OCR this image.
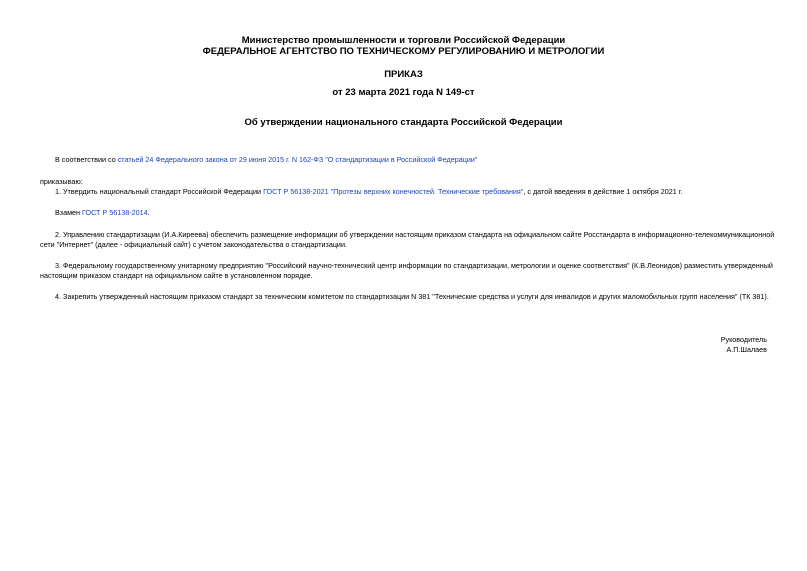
Министерство промышленности и торговли Российской Федерации
ФЕДЕРАЛЬНОЕ АГЕНТСТВО ПО ТЕХНИЧЕСКОМУ РЕГУЛИРОВАНИЮ И МЕТРОЛОГИИ
ПРИКАЗ
от 23 марта 2021 года N 149-ст
Об утверждении национального стандарта Российской Федерации
В соответствии со статьей 24 Федерального закона от 29 июня 2015 г. N 162-ФЗ "О стандартизации в Российской Федерации"
приказываю:
1. Утвердить национальный стандарт Российской Федерации ГОСТ Р 56138-2021 "Протезы верхних конечностей. Технические требования", с датой введения в действие 1 октября 2021 г.
Взамен ГОСТ Р 56138-2014.
2. Управлению стандартизации (И.А.Киреева) обеспечить размещение информации об утверждении настоящим приказом стандарта на официальном сайте Росстандарта в информационно-телекоммуникационной
сети "Интернет" (далее - официальный сайт) с учетом законодательства о стандартизации.
3. Федеральному государственному унитарному предприятию "Российский научно-технический центр информации по стандартизации, метрологии и оценке соответствия" (К.В.Леонидов) разместить утвержденный
настоящим приказом стандарт на официальном сайте в установленном порядке.
4. Закрепить утвержденный настоящим приказом стандарт за техническим комитетом по стандартизации N 381 "Технические средства и услуги для инвалидов и других маломобильных групп населения" (ТК 381).
Руководитель
А.П.Шалаев
